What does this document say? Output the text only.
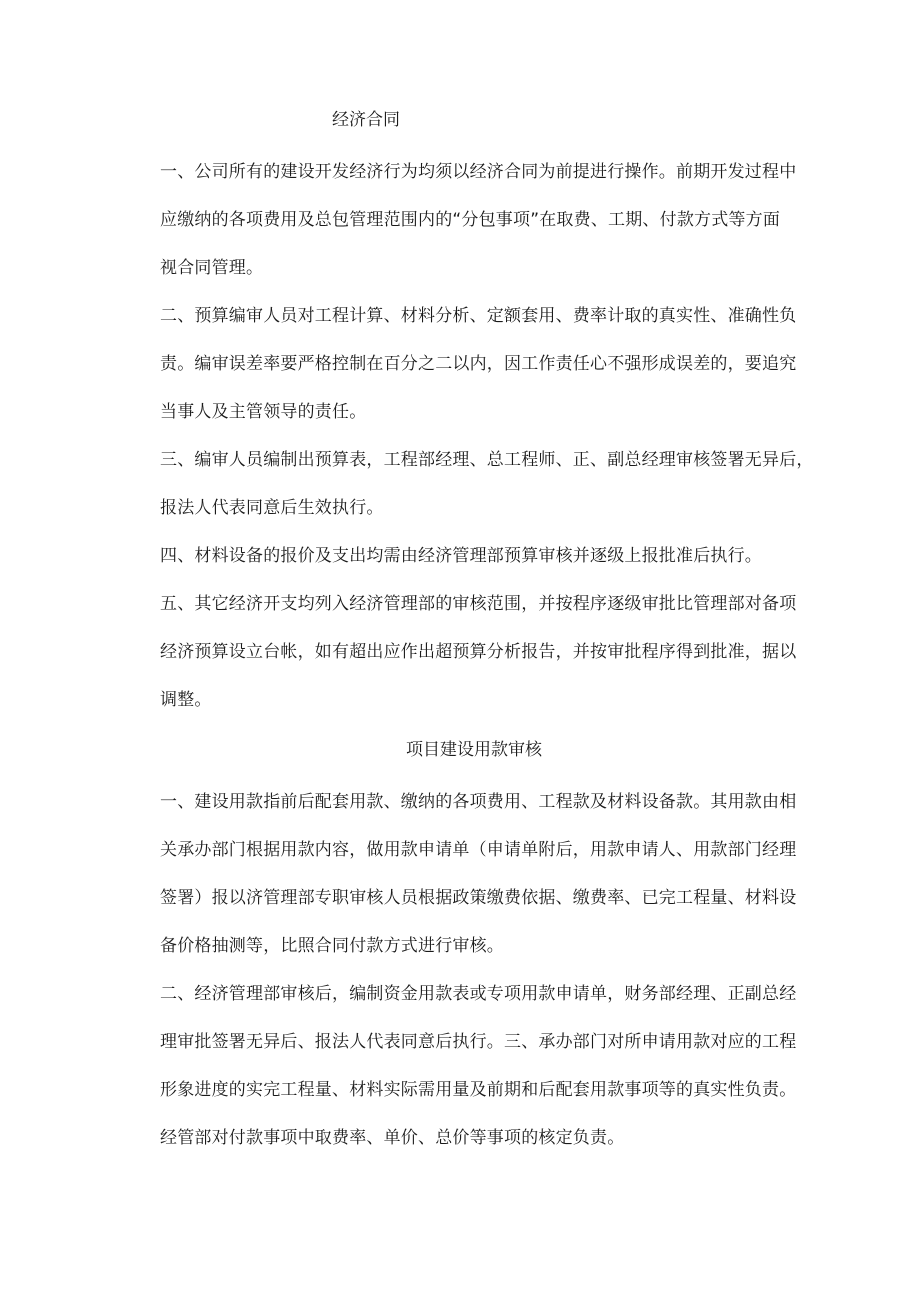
经济合同

一、公司所有的建设开发经济行为均须以经济合同为前提进行操作。前期开发过程中

应缴纳的各项费用及总包管理范围内的“分包事项”在取费、工期、付款方式等方面

视合同管理。

二、预算编审人员对工程计算、材料分析、定额套用、费率计取的真实性、准确性负

责。编审误差率要严格控制在百分之二以内，因工作责任心不强形成误差的，要追究

当事人及主管领导的责任。

三、编审人员编制出预算表，工程部经理、总工程师、正、副总经理审核签署无异后，

报法人代表同意后生效执行。

四、材料设备的报价及支出均需由经济管理部预算审核并逐级上报批准后执行。

五、其它经济开支均列入经济管理部的审核范围，并按程序逐级审批比管理部对备项

经济预算设立台帐，如有超出应作出超预算分析报告，并按审批程序得到批准，据以

调整。

项目建设用款审核

一、建设用款指前后配套用款、缴纳的各项费用、工程款及材料设备款。其用款由相

关承办部门根据用款内容，做用款申请单（申请单附后，用款申请人、用款部门经理

签署）报以济管理部专职审核人员根据政策缴费依据、缴费率、已完工程量、材料设

备价格抽测等，比照合同付款方式进行审核。

二、经济管理部审核后，编制资金用款表或专项用款申请单，财务部经理、正副总经

理审批签署无异后、报法人代表同意后执行。三、承办部门对所申请用款对应的工程

形象进度的实完工程量、材料实际需用量及前期和后配套用款事项等的真实性负责。

经管部对付款事项中取费率、单价、总价等事项的核定负责。
